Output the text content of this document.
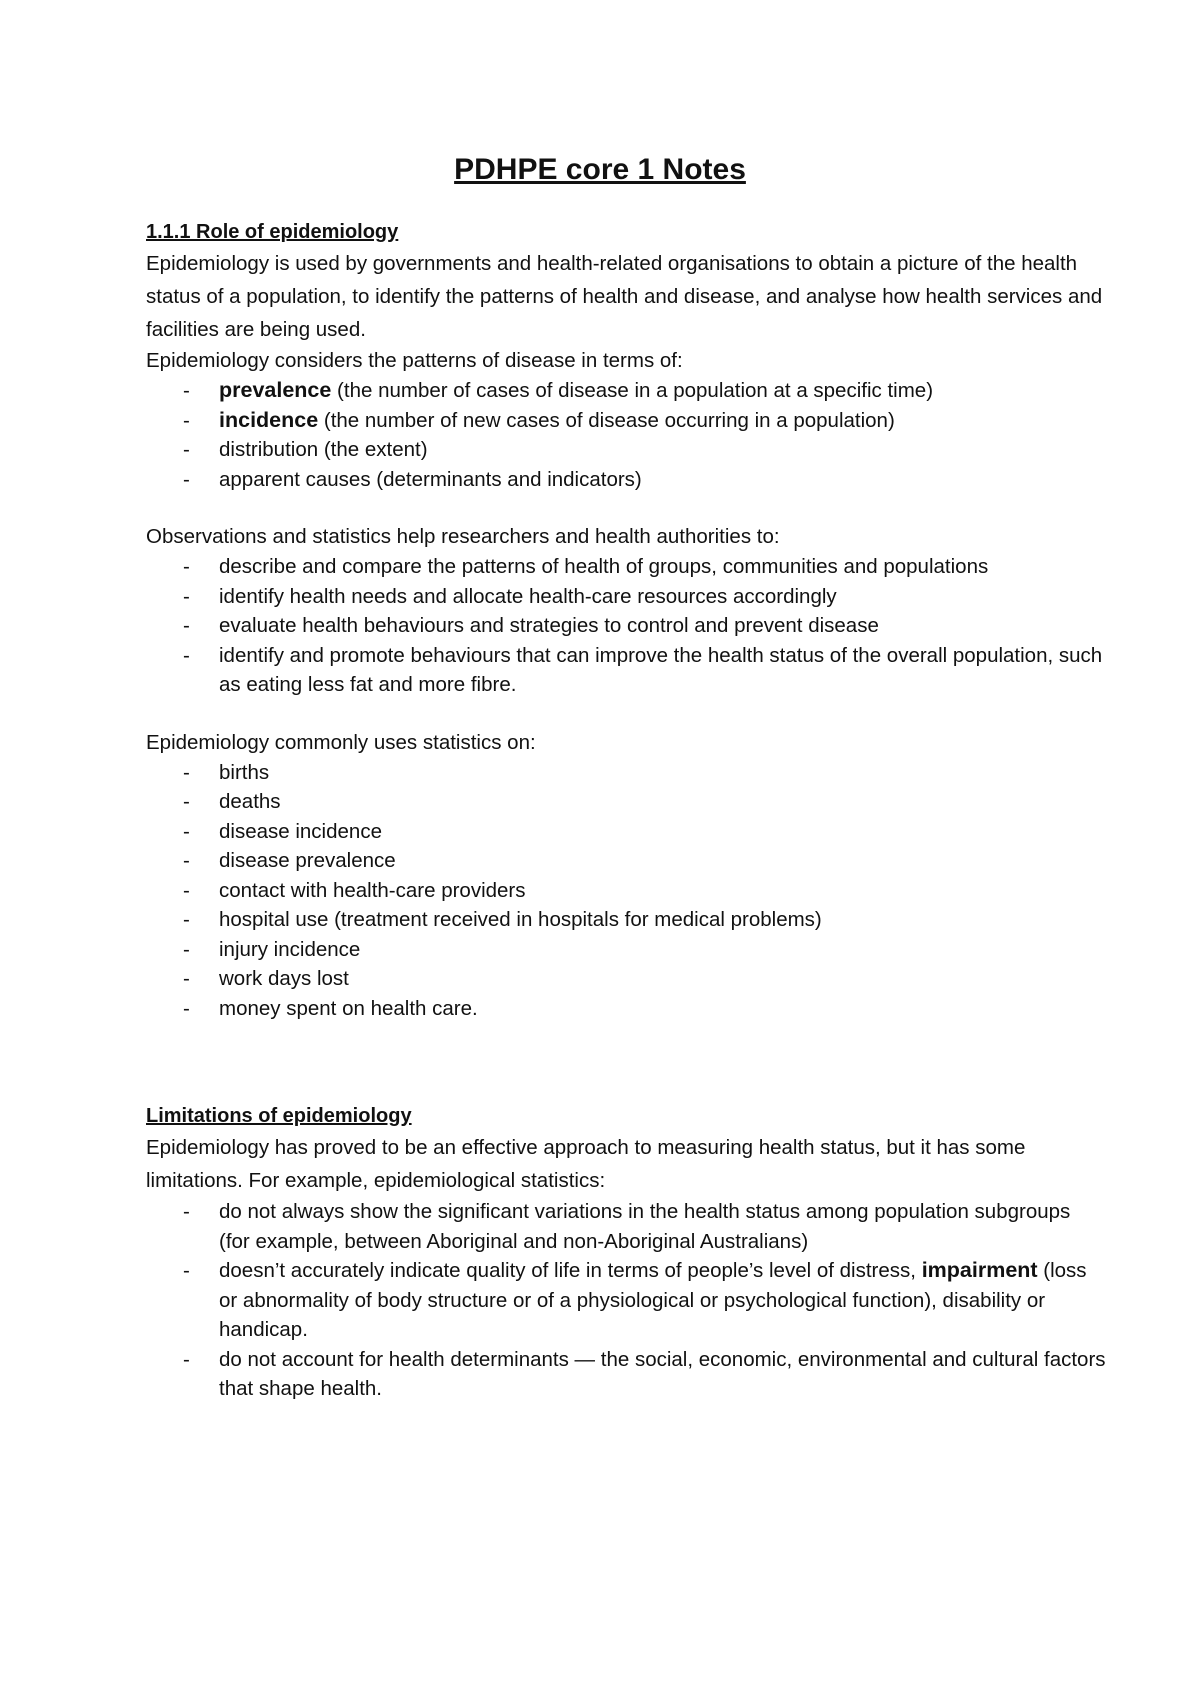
PDHPE core 1 Notes
1.1.1 Role of epidemiology

Epidemiology is used by governments and health-related organisations to obtain a picture of the health status of a population, to identify the patterns of health and disease, and analyse how health services and facilities are being used.

Epidemiology considers the patterns of disease in terms of:

- prevalence (the number of cases of disease in a population at a specific time)
- incidence (the number of new cases of disease occurring in a population)
- distribution (the extent)
- apparent causes (determinants and indicators)

Observations and statistics help researchers and health authorities to:

- describe and compare the patterns of health of groups, communities and populations
- identify health needs and allocate health-care resources accordingly
- evaluate health behaviours and strategies to control and prevent disease
- identify and promote behaviours that can improve the health status of the overall population, such as eating less fat and more fibre.

Epidemiology commonly uses statistics on:

- births
- deaths
- disease incidence
- disease prevalence
- contact with health-care providers
- hospital use (treatment received in hospitals for medical problems)
- injury incidence
- work days lost
- money spent on health care.
Limitations of epidemiology

Epidemiology has proved to be an effective approach to measuring health status, but it has some limitations. For example, epidemiological statistics:

- do not always show the significant variations in the health status among population subgroups (for example, between Aboriginal and non-Aboriginal Australians)
- doesn’t accurately indicate quality of life in terms of people’s level of distress, impairment (loss or abnormality of body structure or of a physiological or psychological function), disability or handicap.
- do not account for health determinants — the social, economic, environmental and cultural factors that shape health.
